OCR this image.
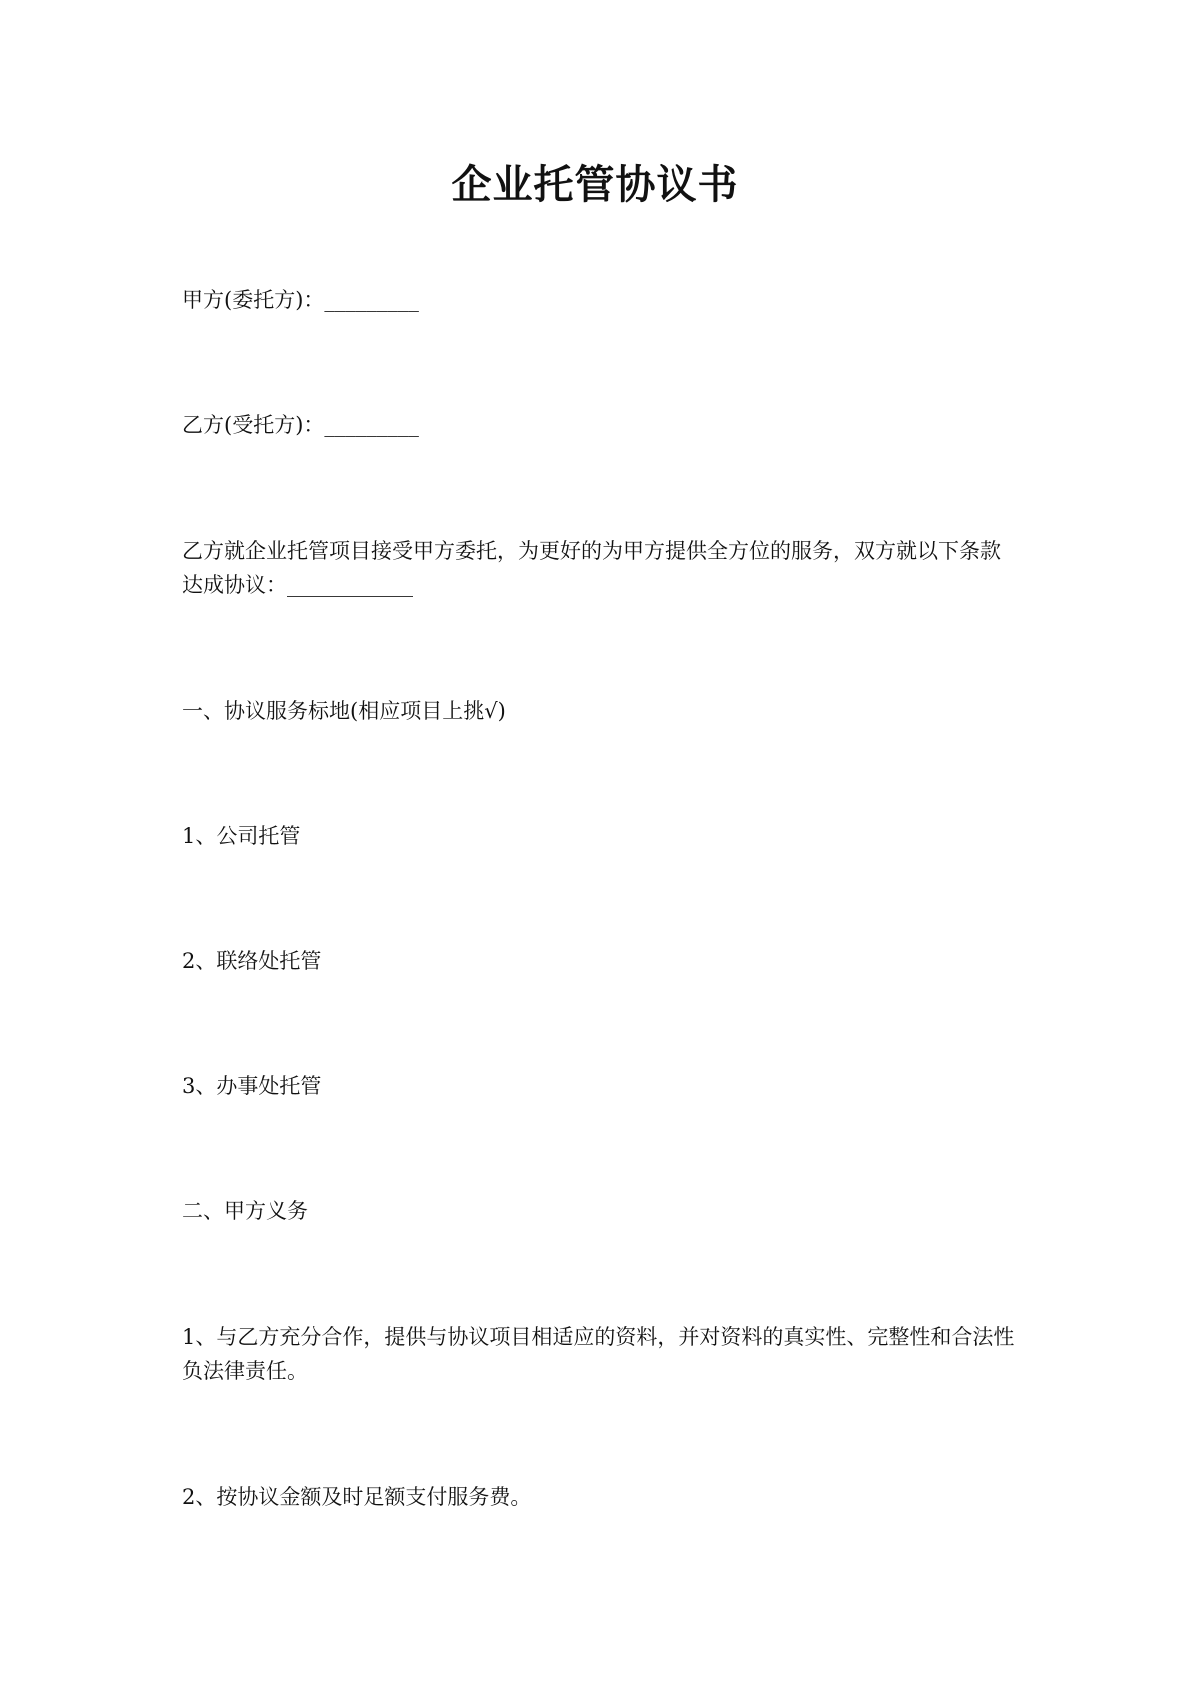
企业托管协议书
甲方(委托方)：_________
乙方(受托方)：_________
乙方就企业托管项目接受甲方委托，为更好的为甲方提供全方位的服务，双方就以下条款
达成协议：____________
一、协议服务标地(相应项目上挑√)
1、公司托管
2、联络处托管
3、办事处托管
二、甲方义务
1、与乙方充分合作，提供与协议项目相适应的资料，并对资料的真实性、完整性和合法性
负法律责任。
2、按协议金额及时足额支付服务费。
